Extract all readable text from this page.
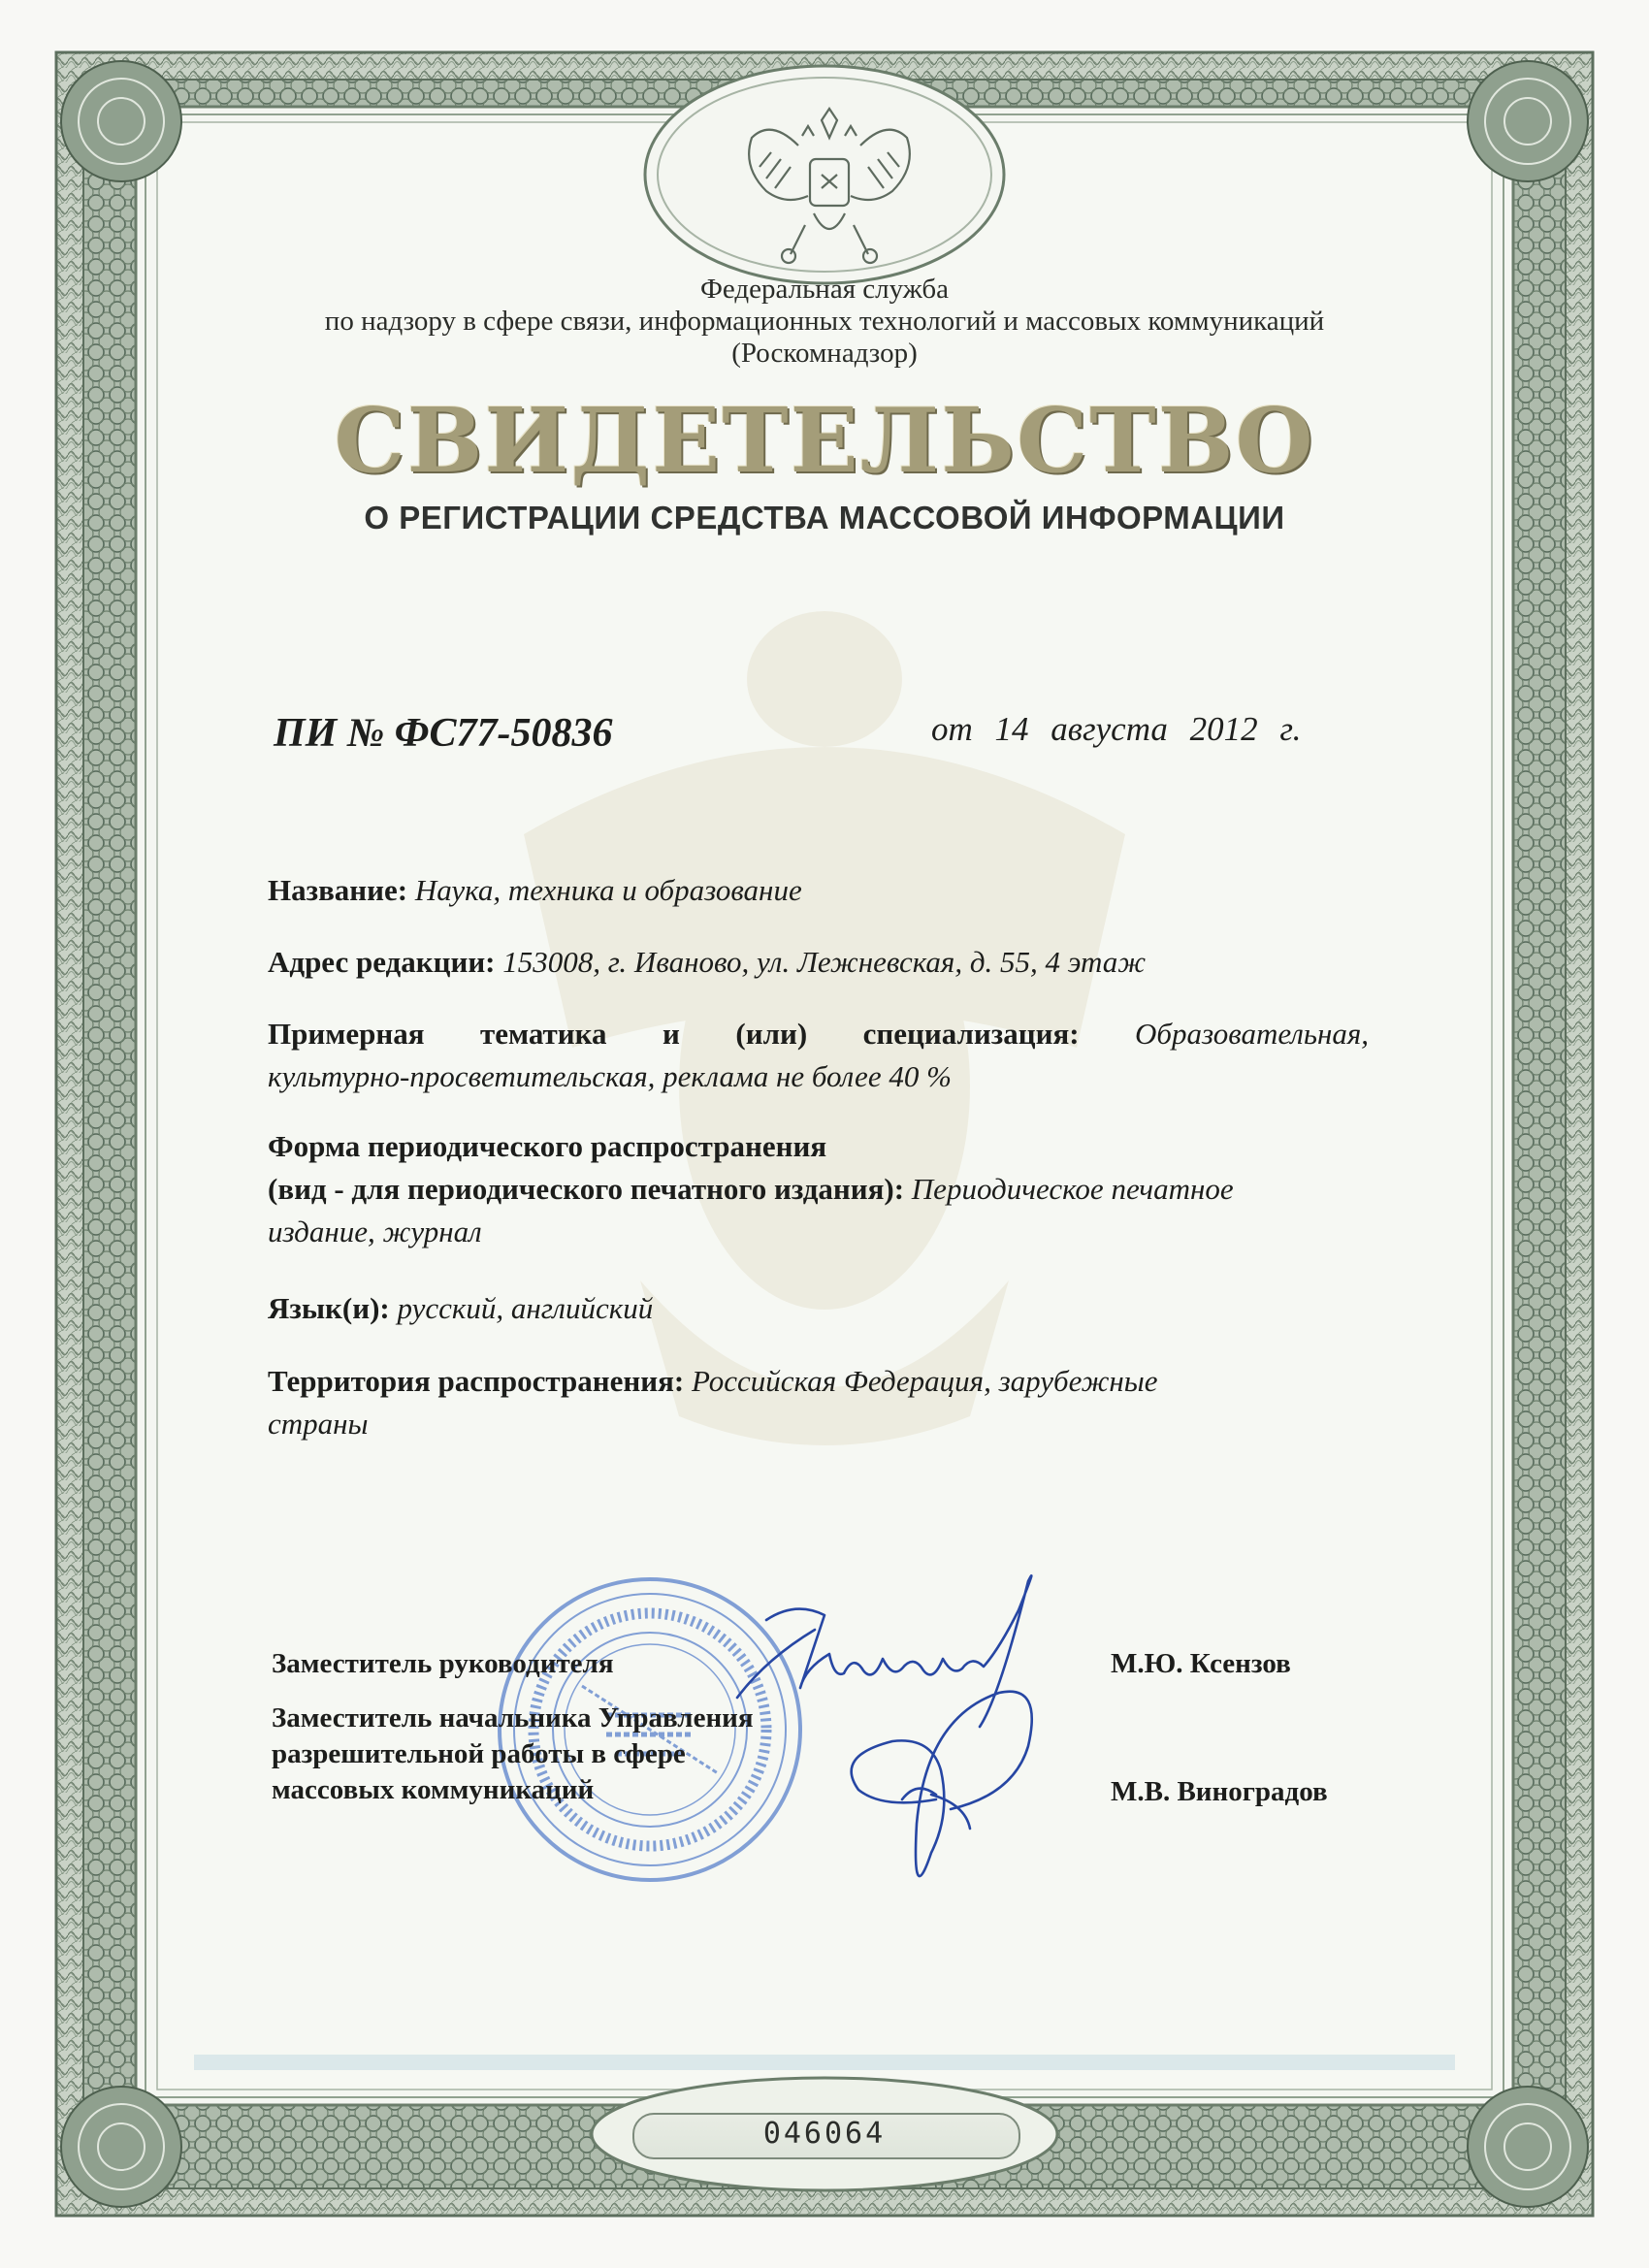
Федеральная служба
по надзору в сфере связи, информационных технологий и массовых коммуникаций
(Роскомнадзор)
СВИДЕТЕЛЬСТВО
О РЕГИСТРАЦИИ СРЕДСТВА МАССОВОЙ ИНФОРМАЦИИ
ПИ № ФС77-50836	от 14 августа 2012 г.
Название: Наука, техника и образование
Адрес редакции: 153008, г. Иваново, ул. Лежневская, д. 55, 4 этаж
Примерная тематика и (или) специализация: Образовательная,
культурно-просветительская, реклама не более 40 %
Форма периодического распространения
(вид - для периодического печатного издания): Периодическое печатное
издание, журнал
Язык(и): русский, английский
Территория распространения: Российская Федерация, зарубежные
страны
Заместитель руководителя	М.Ю. Ксензов
Заместитель начальника Управления
разрешительной работы в сфере
массовых коммуникаций	М.В. Виноградов
046064
